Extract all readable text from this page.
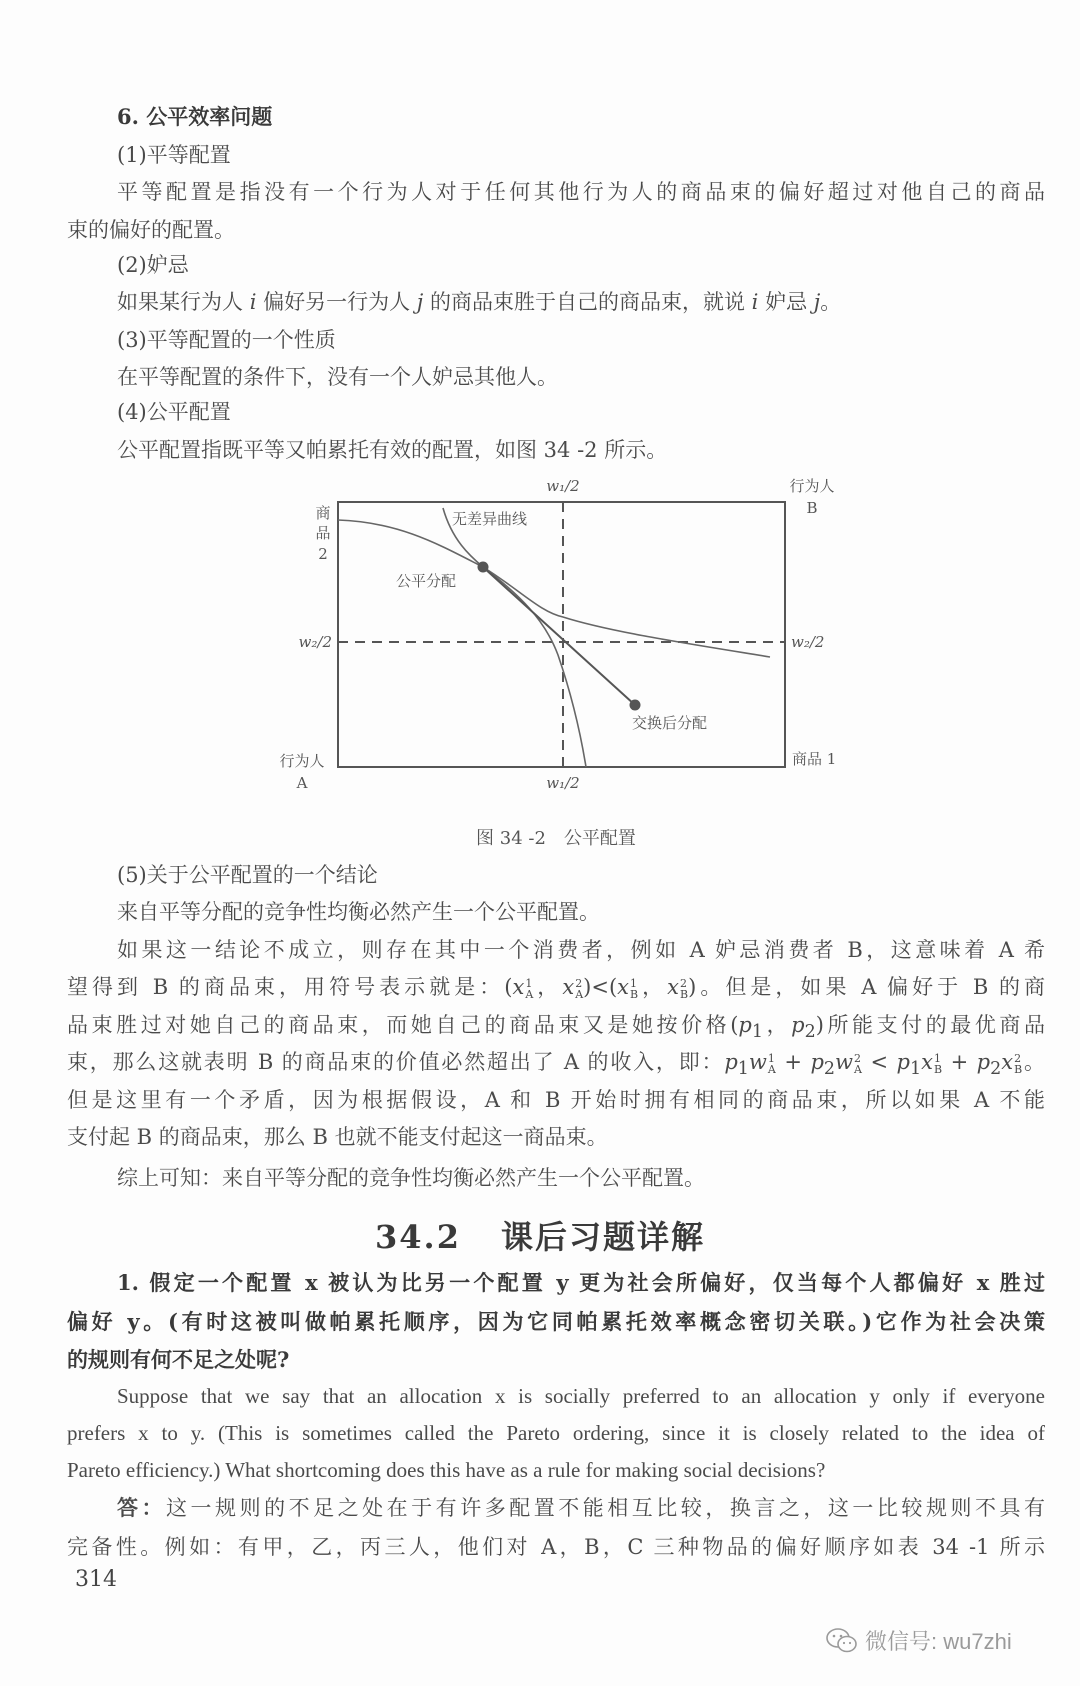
6. 公平效率问题
(1)平等配置
平等配置是指没有一个行为人对于任何其他行为人的商品束的偏好超过对他自己的商品
束的偏好的配置。
(2)妒忌
如果某行为人 i 偏好另一行为人 j 的商品束胜于自己的商品束，就说 i 妒忌 j。
(3)平等配置的一个性质
在平等配置的条件下，没有一个人妒忌其他人。
(4)公平配置
公平配置指既平等又帕累托有效的配置，如图 34 -2 所示。
无差异曲线
公平分配
交换后分配
w₁/2
w₁/2
w₂/2	w₂/2
行为人
B
行为人
A
商
品
2
商品 1
图 34 -2　公平配置
(5)关于公平配置的一个结论
来自平等分配的竞争性均衡必然产生一个公平配置。
如果这一结论不成立，则存在其中一个消费者，例如 A 妒忌消费者 B，这意味着 A 希
望得到 B 的商品束，用符号表示就是：(x 1
A ，x 2
A )<(x 1
B ，x 2
B )。但是，如果 A 偏好于 B 的商
品束胜过对她自己的商品束，而她自己的商品束又是她按价格($p_1$，$p_2$)所能支付的最优商品
束，那么这就表明 B 的商品束的价值必然超出了 A 的收入，即：$p_1w$ 1
$A + p_2w$ 2
$A < p_1x$ 1
$B + p_2x$ 2
B 。
但是这里有一个矛盾，因为根据假设，A 和 B 开始时拥有相同的商品束，所以如果 A 不能
支付起 B 的商品束，那么 B 也就不能支付起这一商品束。
综上可知：来自平等分配的竞争性均衡必然产生一个公平配置。
34.2 课后习题详解
1. 假定一个配置 x 被认为比另一个配置 y 更为社会所偏好，仅当每个人都偏好 x 胜过
偏好 y。(有时这被叫做帕累托顺序，因为它同帕累托效率概念密切关联。)它作为社会决策
的规则有何不足之处呢?
Suppose that we say that an allocation x is socially preferred to an allocation y only if everyone
prefers x to y. (This is sometimes called the Pareto ordering, since it is closely related to the idea of
Pareto efficiency.) What shortcoming does this have as a rule for making social decisions?
答：这一规则的不足之处在于有许多配置不能相互比较，换言之，这一比较规则不具有
完备性。例如：有甲，乙，丙三人，他们对 A，B，C 三种物品的偏好顺序如表 34 -1 所示
314
微信号: wu7zhi
